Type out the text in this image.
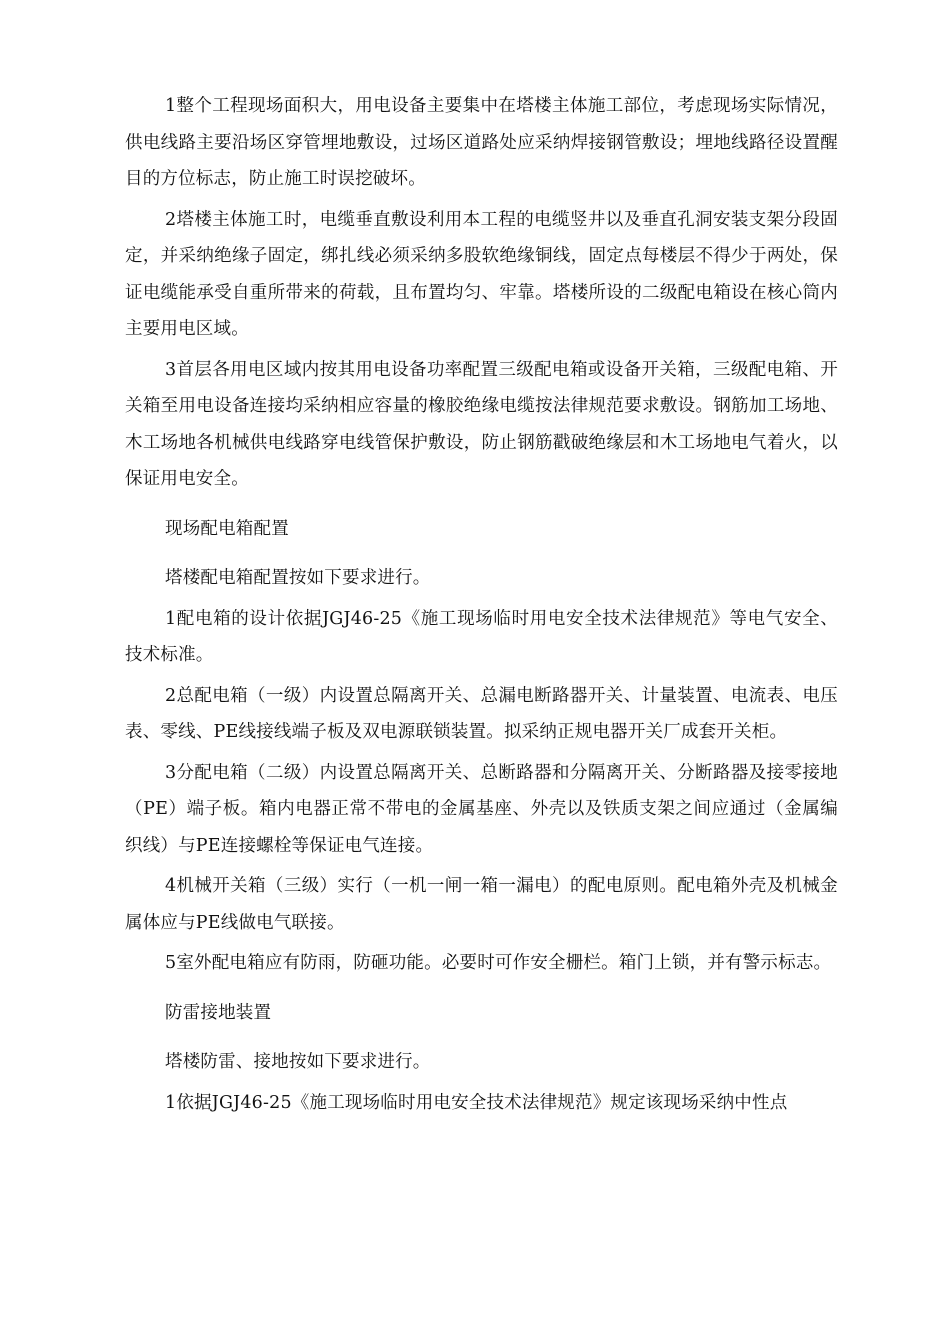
1整个工程现场面积大，用电设备主要集中在塔楼主体施工部位，考虑现场实际情况，供电线路主要沿场区穿管埋地敷设，过场区道路处应采纳焊接钢管敷设；埋地线路径设置醒目的方位标志，防止施工时误挖破坏。

2塔楼主体施工时，电缆垂直敷设利用本工程的电缆竖井以及垂直孔洞安装支架分段固定，并采纳绝缘子固定，绑扎线必须采纳多股软绝缘铜线，固定点每楼层不得少于两处，保证电缆能承受自重所带来的荷载，且布置均匀、牢靠。塔楼所设的二级配电箱设在核心筒内主要用电区域。

3首层各用电区域内按其用电设备功率配置三级配电箱或设备开关箱，三级配电箱、开关箱至用电设备连接均采纳相应容量的橡胶绝缘电缆按法律规范要求敷设。钢筋加工场地、木工场地各机械供电线路穿电线管保护敷设，防止钢筋戳破绝缘层和木工场地电气着火，以保证用电安全。

现场配电箱配置

塔楼配电箱配置按如下要求进行。

1配电箱的设计依据JGJ46-25《施工现场临时用电安全技术法律规范》等电气安全、技术标准。

2总配电箱（一级）内设置总隔离开关、总漏电断路器开关、计量装置、电流表、电压表、零线、PE线接线端子板及双电源联锁装置。拟采纳正规电器开关厂成套开关柜。

3分配电箱（二级）内设置总隔离开关、总断路器和分隔离开关、分断路器及接零接地（PE）端子板。箱内电器正常不带电的金属基座、外壳以及铁质支架之间应通过（金属编织线）与PE连接螺栓等保证电气连接。

4机械开关箱（三级）实行（一机一闸一箱一漏电）的配电原则。配电箱外壳及机械金属体应与PE线做电气联接。

5室外配电箱应有防雨，防砸功能。必要时可作安全栅栏。箱门上锁，并有警示标志。

防雷接地装置

塔楼防雷、接地按如下要求进行。

1依据JGJ46-25《施工现场临时用电安全技术法律规范》规定该现场采纳中性点
